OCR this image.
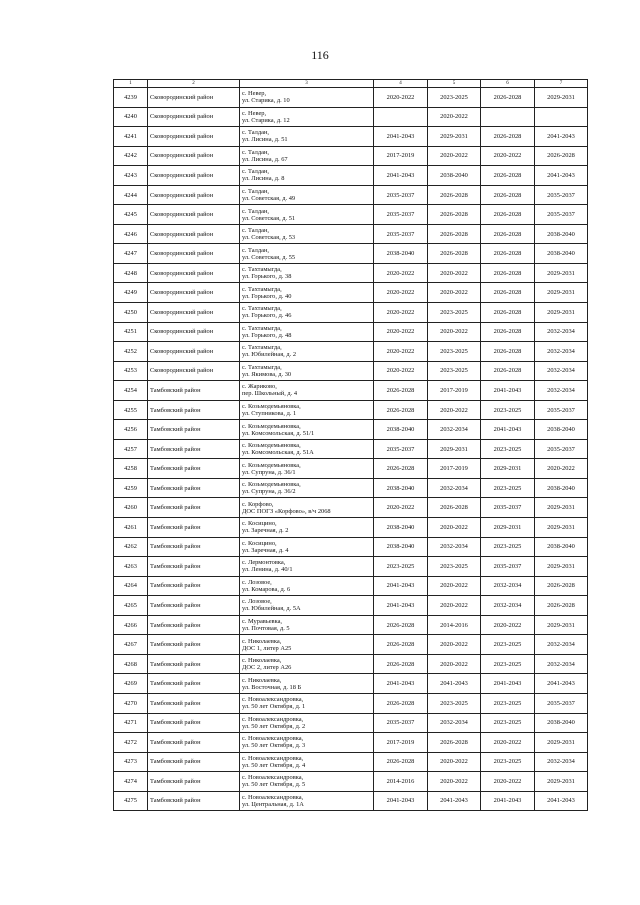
116
1	2	3	4	5	6	7
4239	Сковородинский район	с. Невер,
ул. Старика, д. 10	2020-2022	2023-2025	2026-2028	2029-2031
4240	Сковородинский район	с. Невер,
ул. Старика, д. 12		2020-2022		
4241	Сковородинский район	с. Талдан,
ул. Лисина, д. 51	2041-2043	2029-2031	2026-2028	2041-2043
4242	Сковородинский район	с. Талдан,
ул. Лисина, д. 67	2017-2019	2020-2022	2020-2022	2026-2028
4243	Сковородинский район	с. Талдан,
ул. Лисина, д. 8	2041-2043	2038-2040	2026-2028	2041-2043
4244	Сковородинский район	с. Талдан,
ул. Советская, д. 49	2035-2037	2026-2028	2026-2028	2035-2037
4245	Сковородинский район	с. Талдан,
ул. Советская, д. 51	2035-2037	2026-2028	2026-2028	2035-2037
4246	Сковородинский район	с. Талдан,
ул. Советская, д. 53	2035-2037	2026-2028	2026-2028	2038-2040
4247	Сковородинский район	с. Талдан,
ул. Советская, д. 55	2038-2040	2026-2028	2026-2028	2038-2040
4248	Сковородинский район	с. Тахтамыгда,
ул. Горького, д. 38	2020-2022	2020-2022	2026-2028	2029-2031
4249	Сковородинский район	с. Тахтамыгда,
ул. Горького, д. 40	2020-2022	2020-2022	2026-2028	2029-2031
4250	Сковородинский район	с. Тахтамыгда,
ул. Горького, д. 46	2020-2022	2023-2025	2026-2028	2029-2031
4251	Сковородинский район	с. Тахтамыгда,
ул. Горького, д. 48	2020-2022	2020-2022	2026-2028	2032-2034
4252	Сковородинский район	с. Тахтамыгда,
ул. Юбилейная, д. 2	2020-2022	2023-2025	2026-2028	2032-2034
4253	Сковородинский район	с. Тахтамыгда,
ул. Якимова, д. 30	2020-2022	2023-2025	2026-2028	2032-2034
4254	Тамбовский район	с. Жариково,
пер. Школьный, д. 4	2026-2028	2017-2019	2041-2043	2032-2034
4255	Тамбовский район	с. Козьмодемьяновка,
ул. Ступникова, д. 1	2026-2028	2020-2022	2023-2025	2035-2037
4256	Тамбовский район	с. Козьмодемьяновка,
ул. Комсомольская, д. 51/1	2038-2040	2032-2034	2041-2043	2038-2040
4257	Тамбовский район	с. Козьмодемьяновка,
ул. Комсомольская, д. 51А	2035-2037	2029-2031	2023-2025	2035-2037
4258	Тамбовский район	с. Козьмодемьяновка,
ул. Супруна, д. 36/1	2026-2028	2017-2019	2029-2031	2020-2022
4259	Тамбовский район	с. Козьмодемьяновка,
ул. Супруна, д. 36/2	2038-2040	2032-2034	2023-2025	2038-2040
4260	Тамбовский район	с. Корфово,
ДОС ПОГЗ «Корфово», в/ч 2068	2020-2022	2026-2028	2035-2037	2029-2031
4261	Тамбовский район	с. Косицино,
ул. Заречная, д. 2	2038-2040	2020-2022	2029-2031	2029-2031
4262	Тамбовский район	с. Косицино,
ул. Заречная, д. 4	2038-2040	2032-2034	2023-2025	2038-2040
4263	Тамбовский район	с. Лермонтовка,
ул. Ленина, д. 40/1	2023-2025	2023-2025	2035-2037	2029-2031
4264	Тамбовский район	с. Лозовое,
ул. Комарова, д. 6	2041-2043	2020-2022	2032-2034	2026-2028
4265	Тамбовский район	с. Лозовое,
ул. Юбилейная, д. 5А	2041-2043	2020-2022	2032-2034	2026-2028
4266	Тамбовский район	с. Муравьевка,
ул. Почтовая, д. 5	2026-2028	2014-2016	2020-2022	2029-2031
4267	Тамбовский район	с. Николаевка,
ДОС 1, литер А25	2026-2028	2020-2022	2023-2025	2032-2034
4268	Тамбовский район	с. Николаевка,
ДОС 2, литер А26	2026-2028	2020-2022	2023-2025	2032-2034
4269	Тамбовский район	с. Николаевка,
ул. Восточная, д. 18 Б	2041-2043	2041-2043	2041-2043	2041-2043
4270	Тамбовский район	с. Новоалександровка,
ул. 50 лет Октября, д. 1	2026-2028	2023-2025	2023-2025	2035-2037
4271	Тамбовский район	с. Новоалександровка,
ул. 50 лет Октября, д. 2	2035-2037	2032-2034	2023-2025	2038-2040
4272	Тамбовский район	с. Новоалександровка,
ул. 50 лет Октября, д. 3	2017-2019	2026-2028	2020-2022	2029-2031
4273	Тамбовский район	с. Новоалександровка,
ул. 50 лет Октября, д. 4	2026-2028	2020-2022	2023-2025	2032-2034
4274	Тамбовский район	с. Новоалександровка,
ул. 50 лет Октября, д. 5	2014-2016	2020-2022	2020-2022	2029-2031
4275	Тамбовский район	с. Новоалександровка,
ул. Центральная, д. 1А	2041-2043	2041-2043	2041-2043	2041-2043
